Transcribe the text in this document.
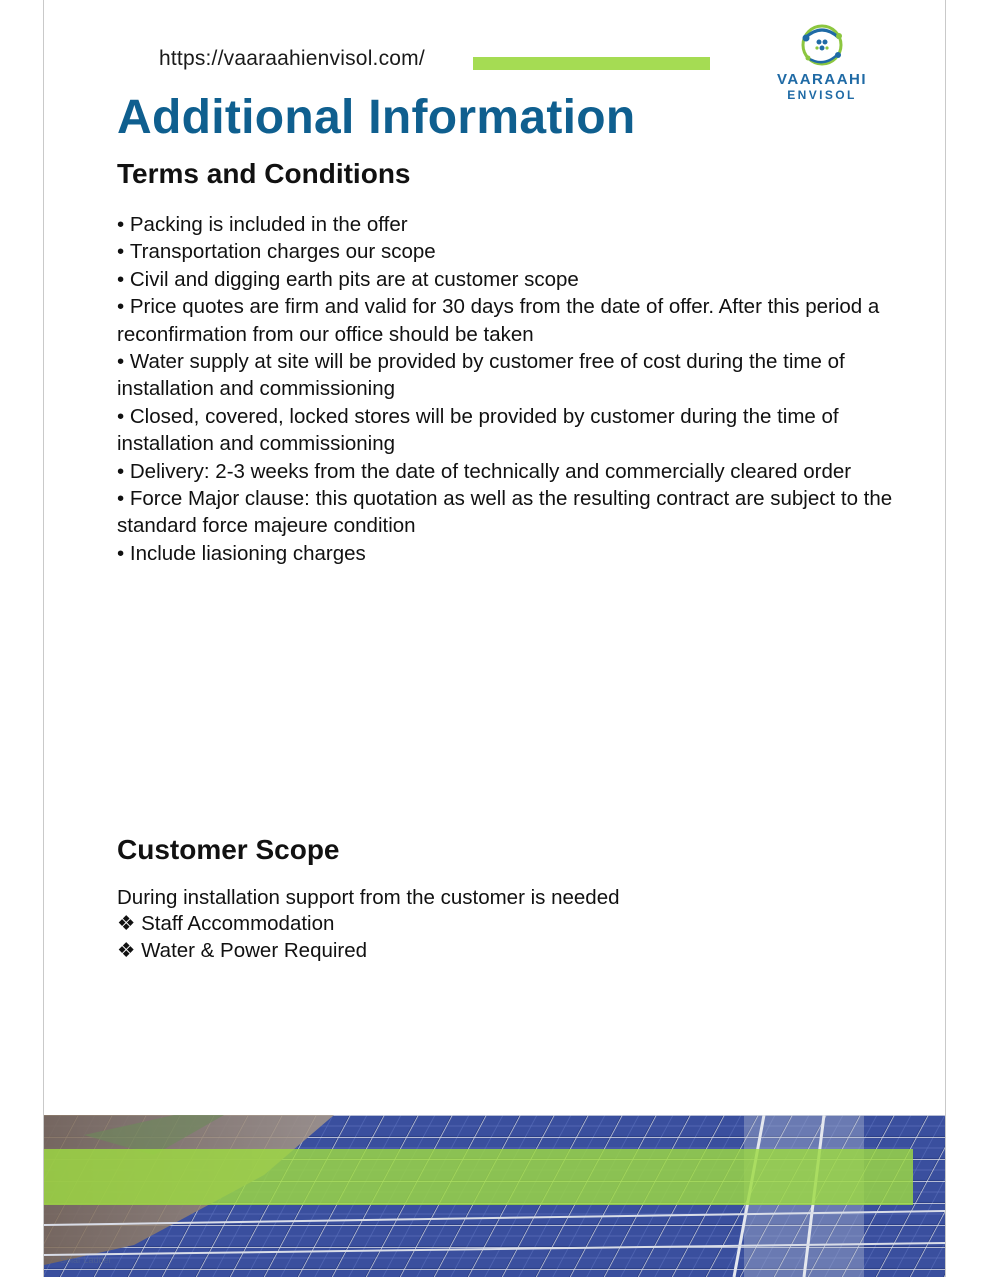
https://vaaraahienvisol.com/
VAARAAHI
ENVISOL
Additional Information
Terms and Conditions
• Packing is included in the offer
• Transportation charges our scope
• Civil and digging earth pits are at customer scope
• Price quotes are firm and valid for 30 days from the date of offer. After this period a reconfirmation from our office should be taken
• Water supply at site will be provided by customer free of cost during the time of installation and commissioning
• Closed, covered, locked stores will be provided by customer during the time of installation and commissioning
• Delivery: 2-3 weeks from the date of technically and commercially cleared order
• Force Major clause: this quotation as well as the resulting contract are subject to the standard force majeure condition
• Include liasioning charges
Customer Scope
During installation support from the customer is needed
❖ Staff Accommodation
❖ Water & Power Required
Solar Ladder
